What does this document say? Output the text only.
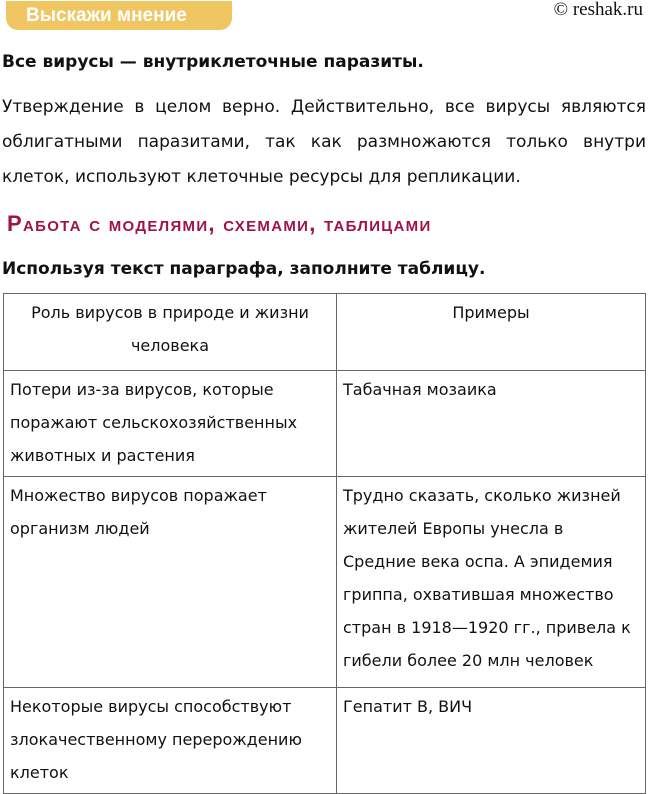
Выскажи мнение	© reshak.ru
Все вирусы — внутриклеточные паразиты.
Утверждение в целом верно. Действительно, все вирусы являются облигатными паразитами, так как размножаются только внутри клеток, используют клеточные ресурсы для репликации.
Работа с моделями, схемами, таблицами
Используя текст параграфа, заполните таблицу.
Роль вирусов в природе и жизни человека	Примеры
Потери из-за вирусов, которые поражают сельскохозяйственных животных и растения	Табачная мозаика
Множество вирусов поражает организм людей	Трудно сказать, сколько жизней жителей Европы унесла в Средние века оспа. А эпидемия гриппа, охватившая множество стран в 1918—1920 гг., привела к гибели более 20 млн человек
Некоторые вирусы способствуют злокачественному перерождению клеток	Гепатит В, ВИЧ
